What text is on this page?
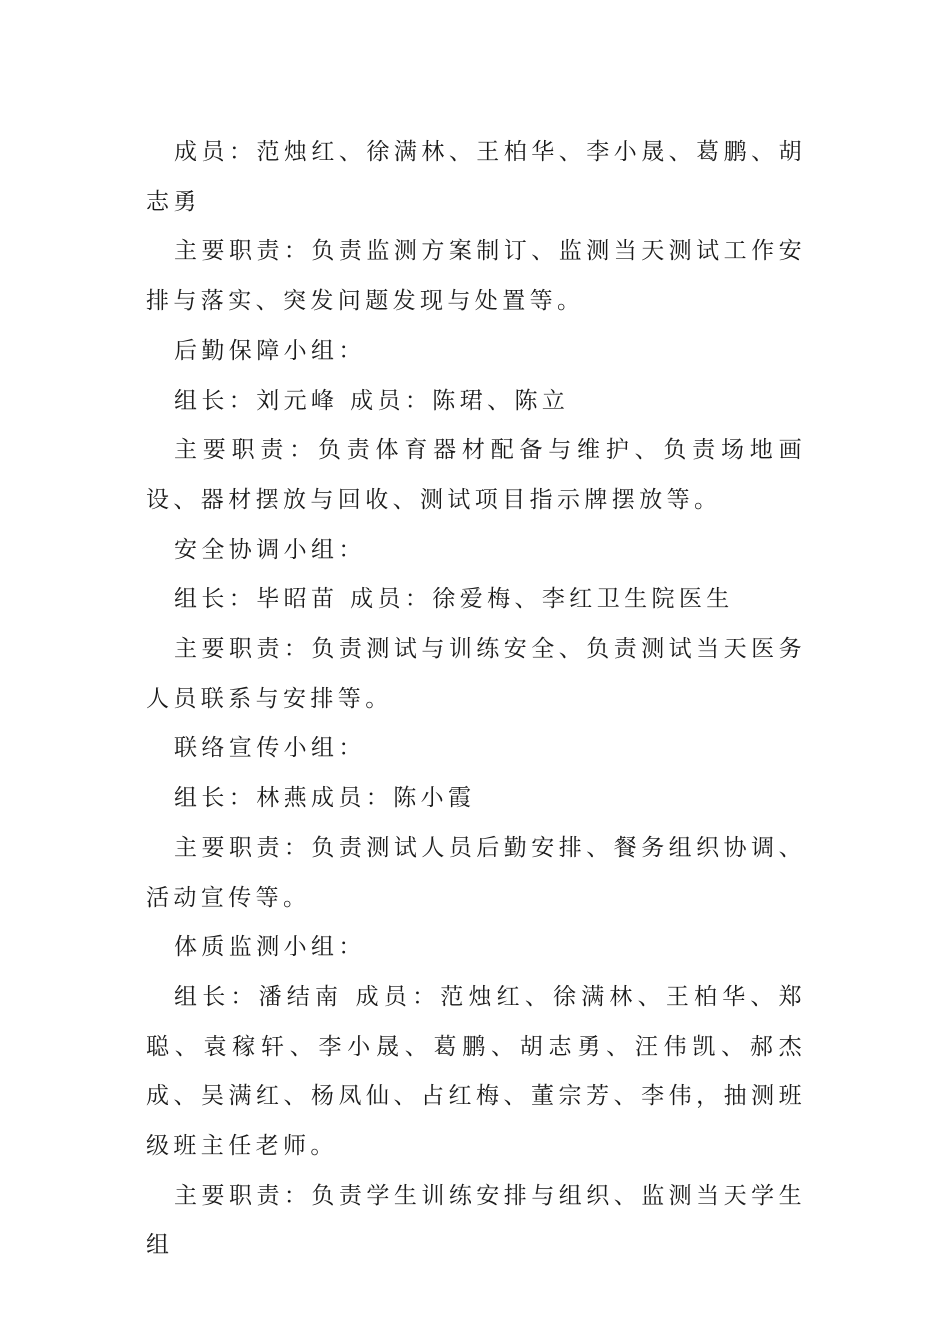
成员：范烛红、徐满林、王柏华、李小晟、葛鹏、胡志勇

主要职责：负责监测方案制订、监测当天测试工作安排与落实、突发问题发现与处置等。

后勤保障小组：

组长：刘元峰 成员：陈珺、陈立

主要职责：负责体育器材配备与维护、负责场地画设、器材摆放与回收、测试项目指示牌摆放等。

安全协调小组：

组长：毕昭苗 成员：徐爱梅、李红卫生院医生

主要职责：负责测试与训练安全、负责测试当天医务人员联系与安排等。

联络宣传小组：

组长：林燕成员：陈小霞

主要职责：负责测试人员后勤安排、餐务组织协调、活动宣传等。

体质监测小组：

组长：潘结南 成员：范烛红、徐满林、王柏华、郑聪、袁稼轩、李小晟、葛鹏、胡志勇、汪伟凯、郝杰成、吴满红、杨凤仙、占红梅、董宗芳、李伟，抽测班级班主任老师。

主要职责：负责学生训练安排与组织、监测当天学生组
